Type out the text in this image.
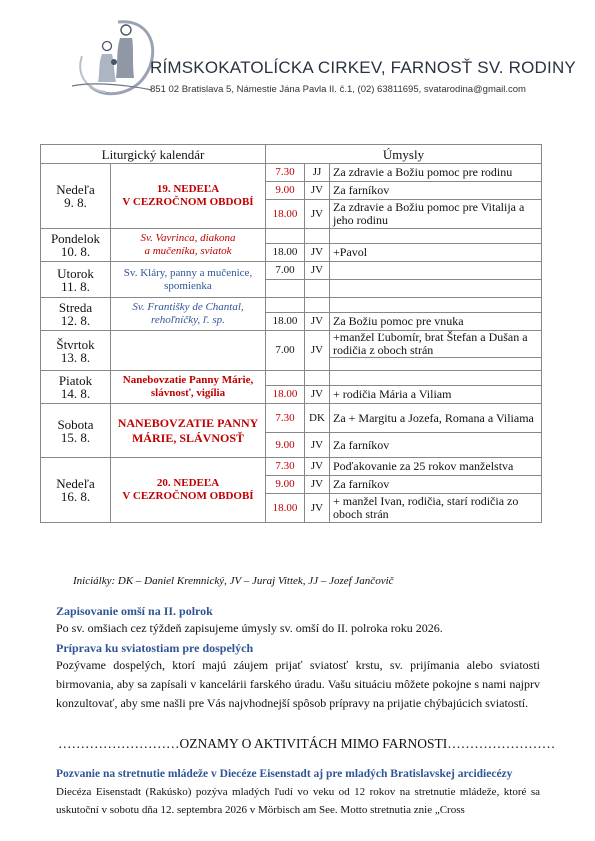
RÍMSKOKATOLÍCKA CIRKEV, FARNOSŤ SV. RODINY
851 02 Bratislava 5, Námestie Jána Pavla II. č.1, (02) 63811695, svatarodina@gmail.com
Liturgický kalendár		Úmysly		
Nedeľa
9. 8.	19. NEDEĽA
V CEZROČNOM OBDOBÍ	7.30	JJ	Za zdravie a Božiu pomoc pre rodinu
		9.00	JV	Za farníkov
		18.00	JV	Za zdravie a Božiu pomoc pre Vitalija a jeho rodinu
Pondelok
10. 8.	Sv. Vavrinca, diakona
a mučeníka, sviatok			
		18.00	JV	+Pavol
Utorok
11. 8.	Sv. Kláry, panny a mučenice,
spomienka	7.00	JV	

Streda
12. 8.	Sv. Františky de Chantal,
rehoľníčky, ľ. sp.			
		18.00	JV	Za Božiu pomoc pre vnuka
Štvrtok
13. 8.		7.00	JV	+manžel Ľubomír, brat Štefan a Dušan a rodičia z oboch strán

Piatok
14. 8.	Nanebovzatie Panny Márie,
slávnosť, vigília			
		18.00	JV	+ rodičia Mária a Viliam
Sobota
15. 8.	NANEBOVZATIE PANNY
MÁRIE, SLÁVNOSŤ	7.30	DK	Za + Margitu a Jozefa, Romana a Viliama
		9.00	JV	Za farníkov
Nedeľa
16. 8.	20. NEDEĽA
V CEZROČNOM OBDOBÍ	7.30	JV	Poďakovanie za 25 rokov manželstva
		9.00	JV	Za farníkov
		18.00	JV	+ manžel Ivan, rodičia, starí rodičia zo oboch strán
Iniciálky: DK – Daniel Kremnický, JV – Juraj Vittek, JJ – Jozef Jančovič
Zapisovanie omší na II. polrok
Po sv. omšiach cez týždeň zapisujeme úmysly sv. omší do II. polroka roku 2026.
Príprava ku sviatostiam pre dospelých
Pozývame dospelých, ktorí majú záujem prijať sviatosť krstu, sv. prijímania alebo sviatosti birmovania, aby sa zapísali v kancelárii farského úradu. Vašu situáciu môžete pokojne s nami najprv konzultovať, aby sme našli pre Vás najvhodnejší spôsob prípravy na prijatie chýbajúcich sviatostí.
………………………OZNAMY O AKTIVITÁCH MIMO FARNOSTI……………………
Pozvanie na stretnutie mládeže v Diecéze Eisenstadt aj pre mladých Bratislavskej arcidiecézy
Diecéza Eisenstadt (Rakúsko) pozýva mladých ľudí vo veku od 12 rokov na stretnutie mládeže, ktoré sa uskutoční v sobotu dňa 12. septembra 2026 v Mörbisch am See. Motto stretnutia znie „Cross
